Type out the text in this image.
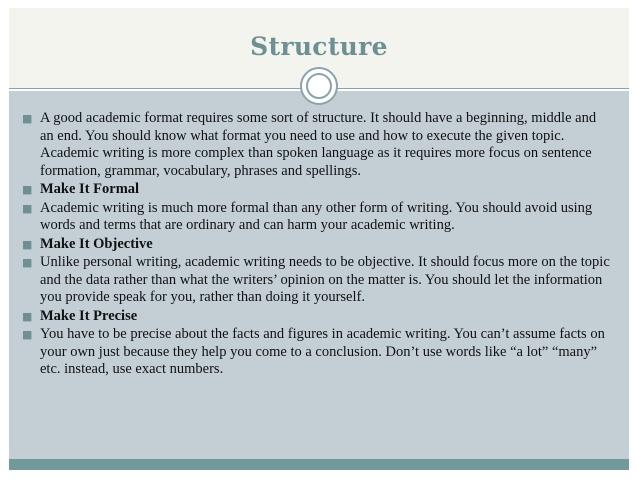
Structure
■ A good academic format requires some sort of structure. It should have a beginning, middle and an end. You should know what format you need to use and how to execute the given topic. Academic writing is more complex than spoken language as it requires more focus on sentence formation, grammar, vocabulary, phrases and spellings.
■ Make It Formal
■ Academic writing is much more formal than any other form of writing. You should avoid using words and terms that are ordinary and can harm your academic writing.
■ Make It Objective
■ Unlike personal writing, academic writing needs to be objective. It should focus more on the topic and the data rather than what the writers’ opinion on the matter is. You should let the information you provide speak for you, rather than doing it yourself.
■ Make It Precise
■ You have to be precise about the facts and figures in academic writing. You can’t assume facts on your own just because they help you come to a conclusion. Don’t use words like “a lot” “many” etc. instead, use exact numbers.
